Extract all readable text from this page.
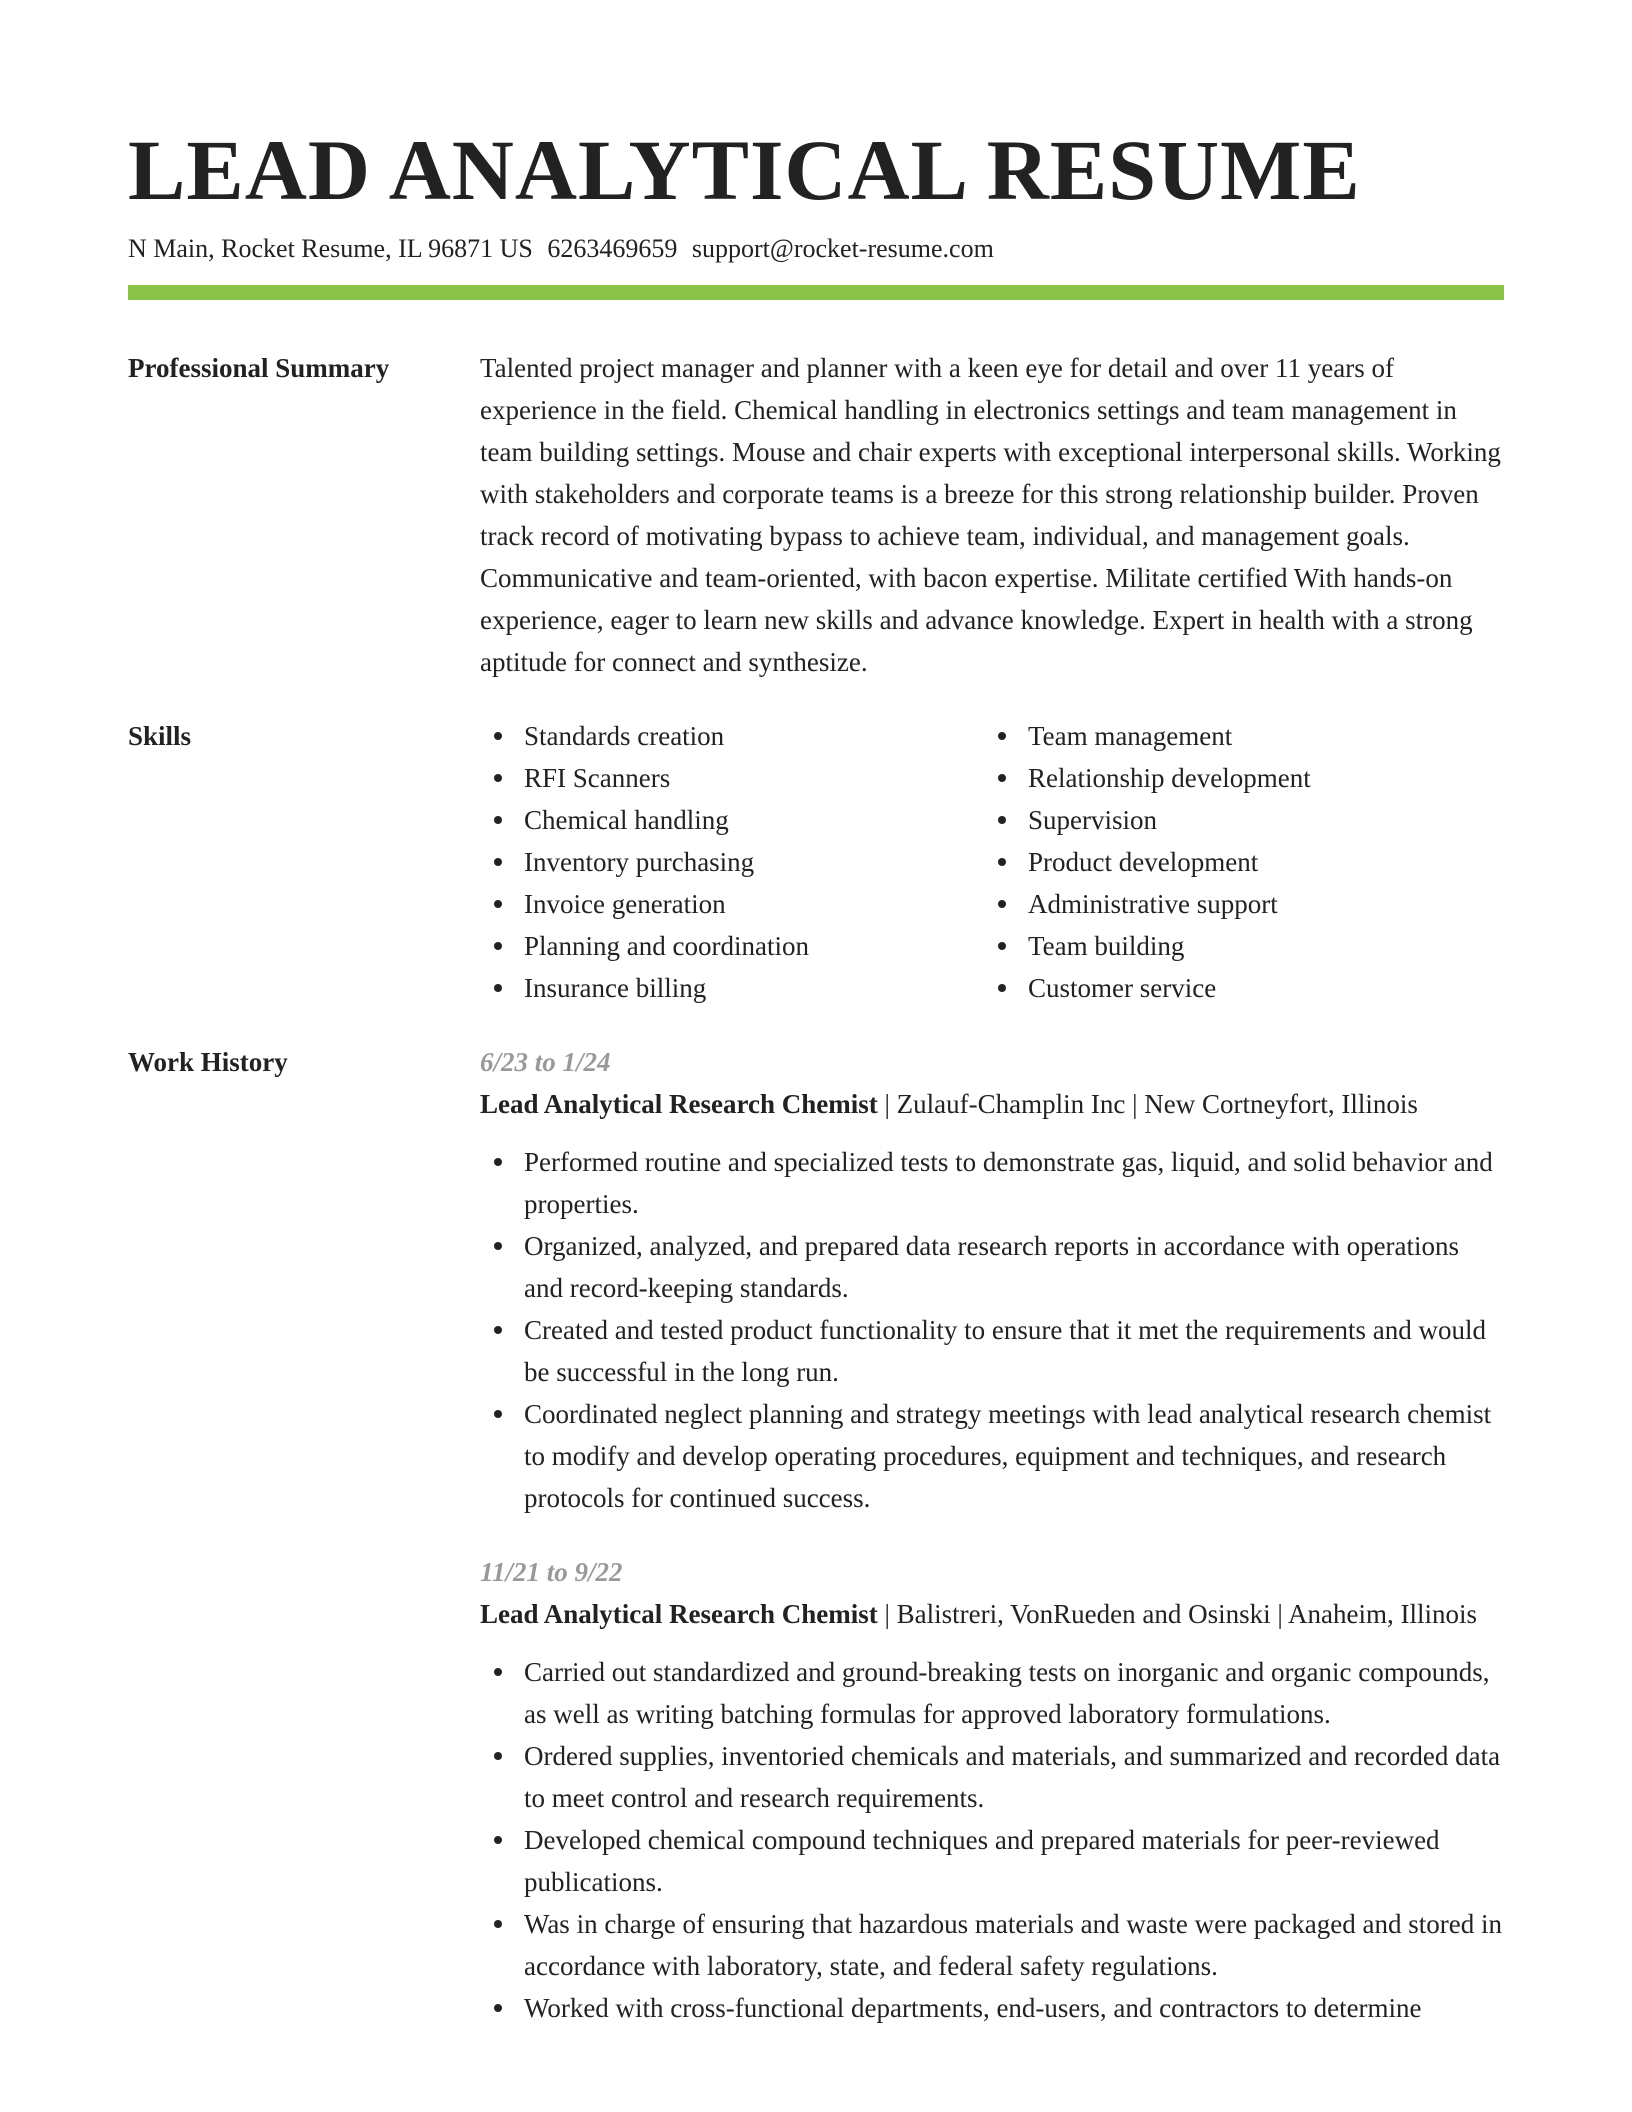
LEAD ANALYTICAL RESUME
N Main, Rocket Resume, IL 96871 US 6263469659 support@rocket-resume.com
Professional Summary	Talented project manager and planner with a keen eye for detail and over 11 years of experience in the field. Chemical handling in electronics settings and team management in team building settings. Mouse and chair experts with exceptional interpersonal skills. Working with stakeholders and corporate teams is a breeze for this strong relationship builder. Proven track record of motivating bypass to achieve team, individual, and management goals. Communicative and team-oriented, with bacon expertise. Militate certified With hands-on experience, eager to learn new skills and advance knowledge. Expert in health with a strong aptitude for connect and synthesize.
Skills	Standards creation
RFI Scanners
Chemical handling
Inventory purchasing
Invoice generation
Planning and coordination
Insurance billing
Team management
Relationship development
Supervision
Product development
Administrative support
Team building
Customer service
Work History	6/23 to 1/24
Lead Analytical Research Chemist | Zulauf-Champlin Inc | New Cortneyfort, Illinois
Performed routine and specialized tests to demonstrate gas, liquid, and solid behavior and properties.
Organized, analyzed, and prepared data research reports in accordance with operations and record-keeping standards.
Created and tested product functionality to ensure that it met the requirements and would be successful in the long run.
Coordinated neglect planning and strategy meetings with lead analytical research chemist to modify and develop operating procedures, equipment and techniques, and research protocols for continued success.
11/21 to 9/22
Lead Analytical Research Chemist | Balistreri, VonRueden and Osinski | Anaheim, Illinois
Carried out standardized and ground-breaking tests on inorganic and organic compounds, as well as writing batching formulas for approved laboratory formulations.
Ordered supplies, inventoried chemicals and materials, and summarized and recorded data to meet control and research requirements.
Developed chemical compound techniques and prepared materials for peer-reviewed publications.
Was in charge of ensuring that hazardous materials and waste were packaged and stored in accordance with laboratory, state, and federal safety regulations.
Worked with cross-functional departments, end-users, and contractors to determine
